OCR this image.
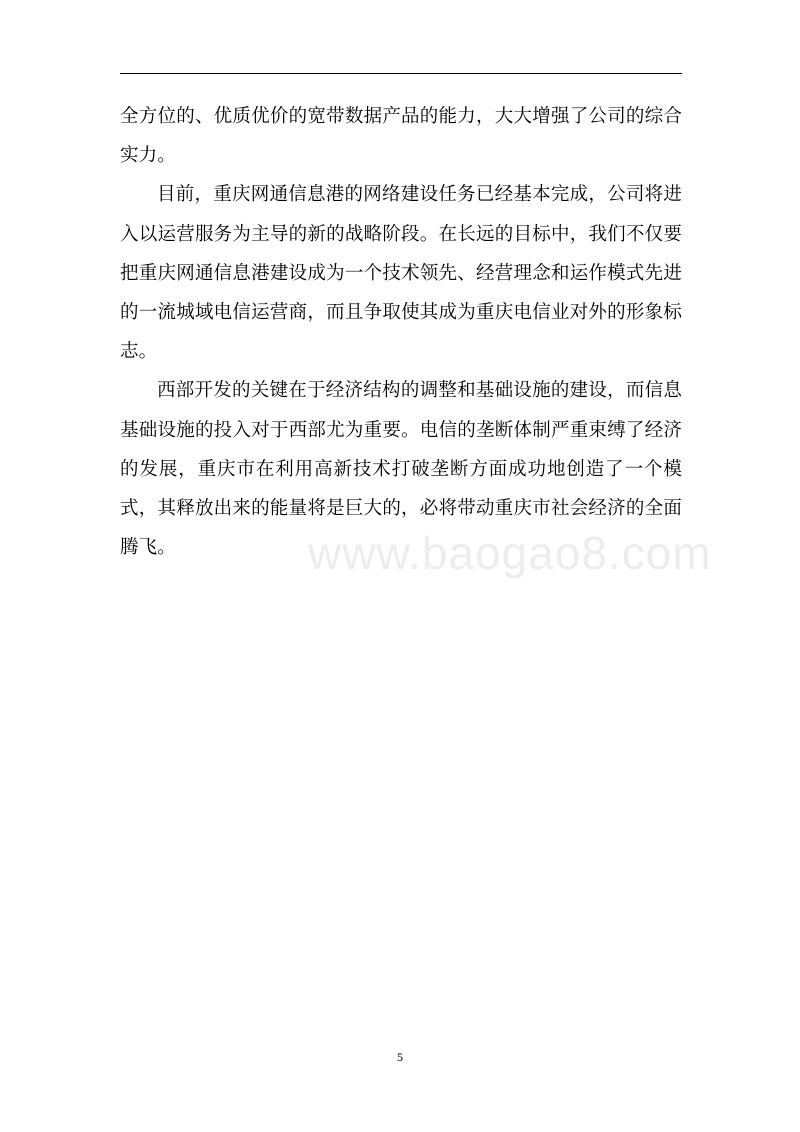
全方位的、优质优价的宽带数据产品的能力，大大增强了公司的综合实力。

目前，重庆网通信息港的网络建设任务已经基本完成，公司将进入以运营服务为主导的新的战略阶段。在长远的目标中，我们不仅要把重庆网通信息港建设成为一个技术领先、经营理念和运作模式先进的一流城域电信运营商，而且争取使其成为重庆电信业对外的形象标志。

西部开发的关键在于经济结构的调整和基础设施的建设，而信息基础设施的投入对于西部尤为重要。电信的垄断体制严重束缚了经济的发展，重庆市在利用高新技术打破垄断方面成功地创造了一个模式，其释放出来的能量将是巨大的，必将带动重庆市社会经济的全面腾飞。	www.baogao8.com
5
